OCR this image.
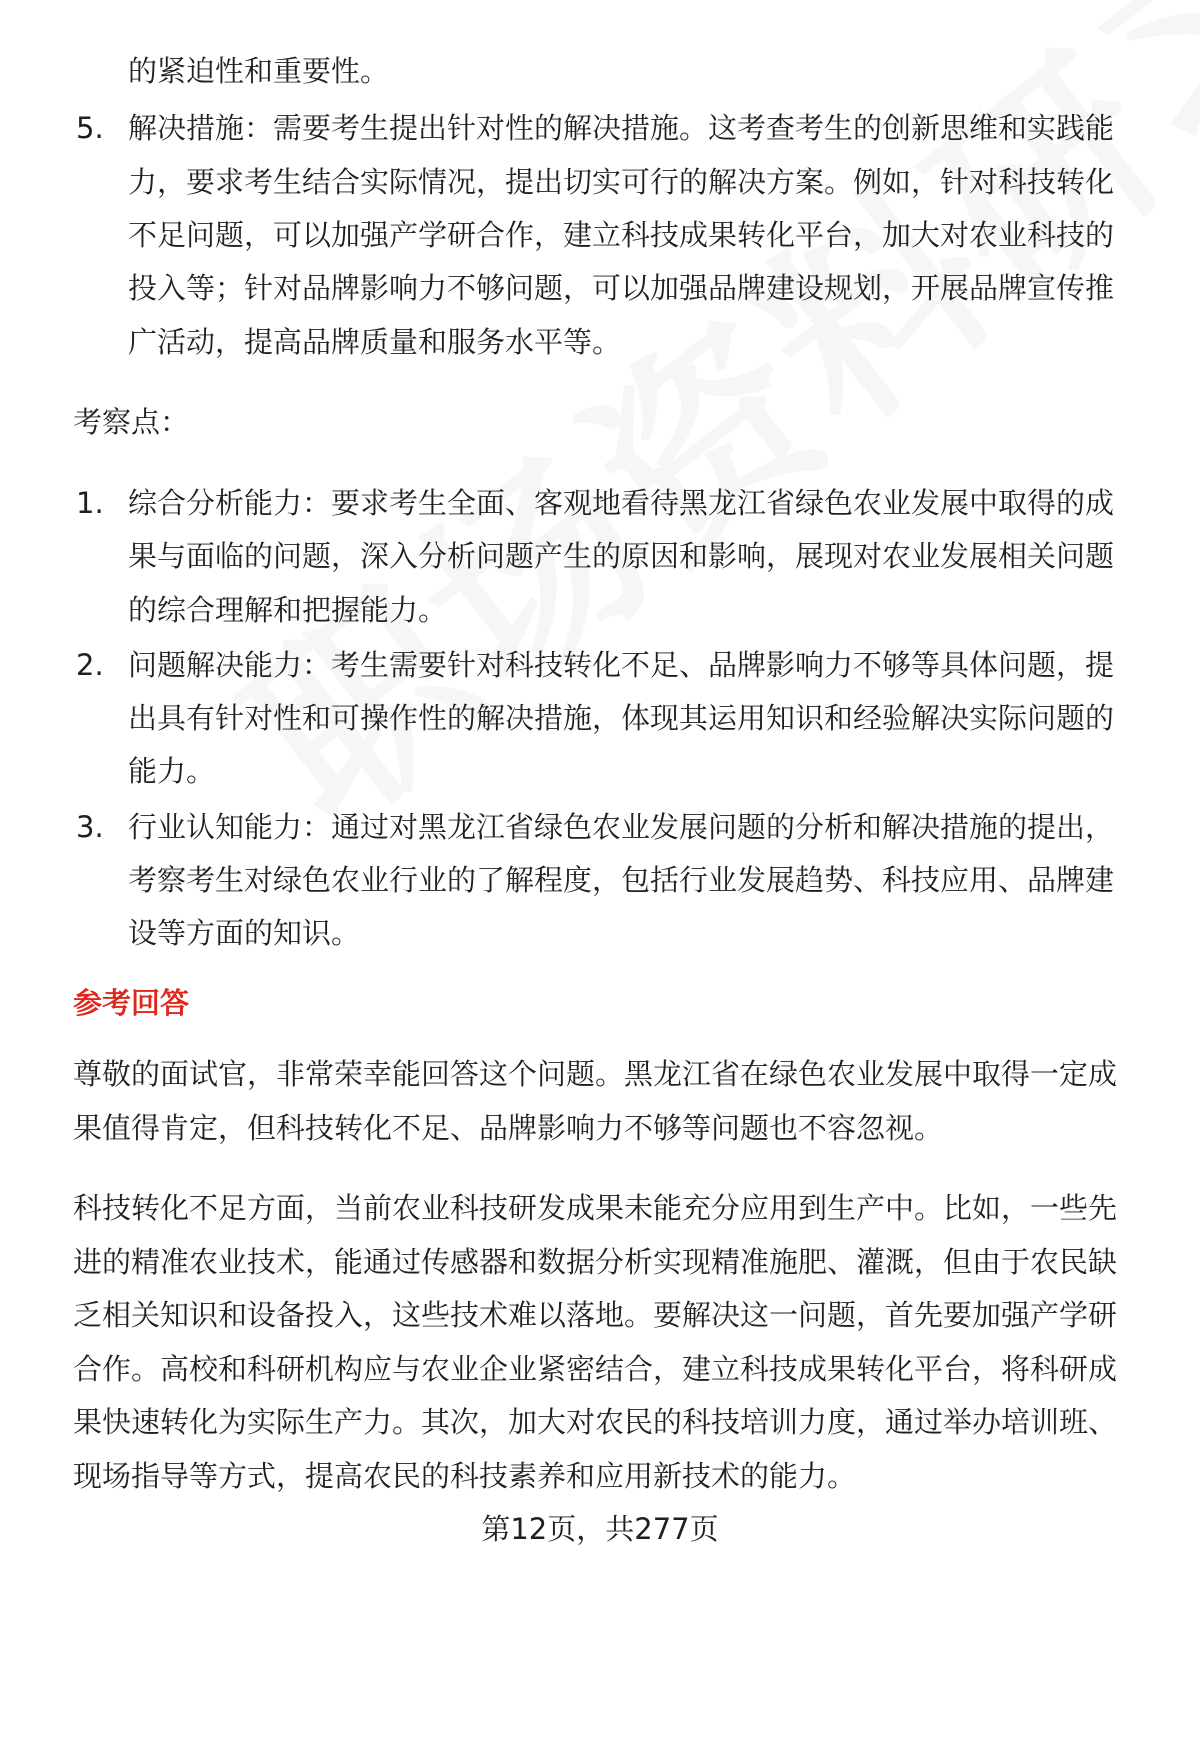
的紧迫性和重要性。
5. 解决措施：需要考生提出针对性的解决措施。这考查考生的创新思维和实践能
力，要求考生结合实际情况，提出切实可行的解决方案。例如，针对科技转化
不足问题，可以加强产学研合作，建立科技成果转化平台，加大对农业科技的
投入等；针对品牌影响力不够问题，可以加强品牌建设规划，开展品牌宣传推
广活动，提高品牌质量和服务水平等。
考察点：
1. 综合分析能力：要求考生全面、客观地看待黑龙江省绿色农业发展中取得的成
果与面临的问题，深入分析问题产生的原因和影响，展现对农业发展相关问题
的综合理解和把握能力。
2. 问题解决能力：考生需要针对科技转化不足、品牌影响力不够等具体问题，提
出具有针对性和可操作性的解决措施，体现其运用知识和经验解决实际问题的
能力。
3. 行业认知能力：通过对黑龙江省绿色农业发展问题的分析和解决措施的提出，
考察考生对绿色农业行业的了解程度，包括行业发展趋势、科技应用、品牌建
设等方面的知识。
参考回答
尊敬的面试官，非常荣幸能回答这个问题。黑龙江省在绿色农业发展中取得一定成
果值得肯定，但科技转化不足、品牌影响力不够等问题也不容忽视。
科技转化不足方面，当前农业科技研发成果未能充分应用到生产中。比如，一些先
进的精准农业技术，能通过传感器和数据分析实现精准施肥、灌溉，但由于农民缺
乏相关知识和设备投入，这些技术难以落地。要解决这一问题，首先要加强产学研
合作。高校和科研机构应与农业企业紧密结合，建立科技成果转化平台，将科研成
果快速转化为实际生产力。其次，加大对农民的科技培训力度，通过举办培训班、
现场指导等方式，提高农民的科技素养和应用新技术的能力。
第12页，共277页
